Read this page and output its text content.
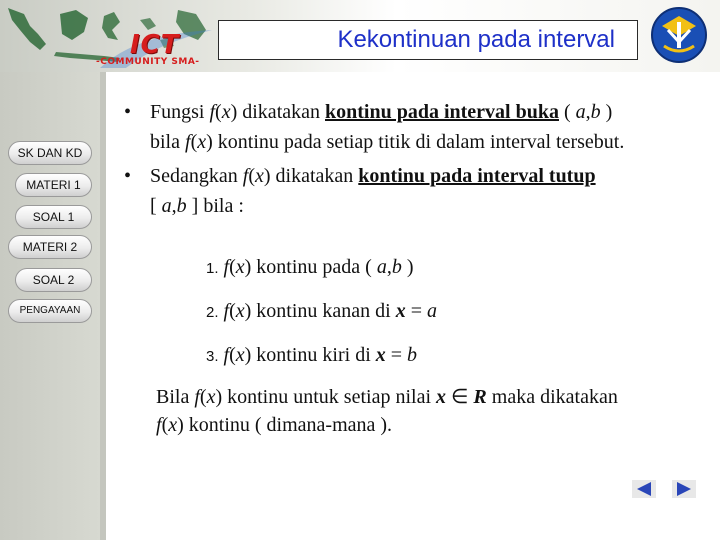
ICT
-COMMUNITY SMA-
Kekontinuan pada interval
SK DAN KD
MATERI 1
SOAL 1
MATERI 2
SOAL 2
PENGAYAAN
• Fungsi f(x) dikatakan kontinu pada interval buka ( a,b )
bila f(x) kontinu pada setiap titik di dalam interval tersebut.
• Sedangkan f(x) dikatakan kontinu pada interval tutup
[ a,b ] bila :
1. f(x) kontinu pada ( a,b )
2. f(x) kontinu kanan di x = a
3. f(x) kontinu kiri di x = b
Bila f(x) kontinu untuk setiap nilai x ∈ R maka dikatakan
f(x) kontinu ( dimana-mana ).
